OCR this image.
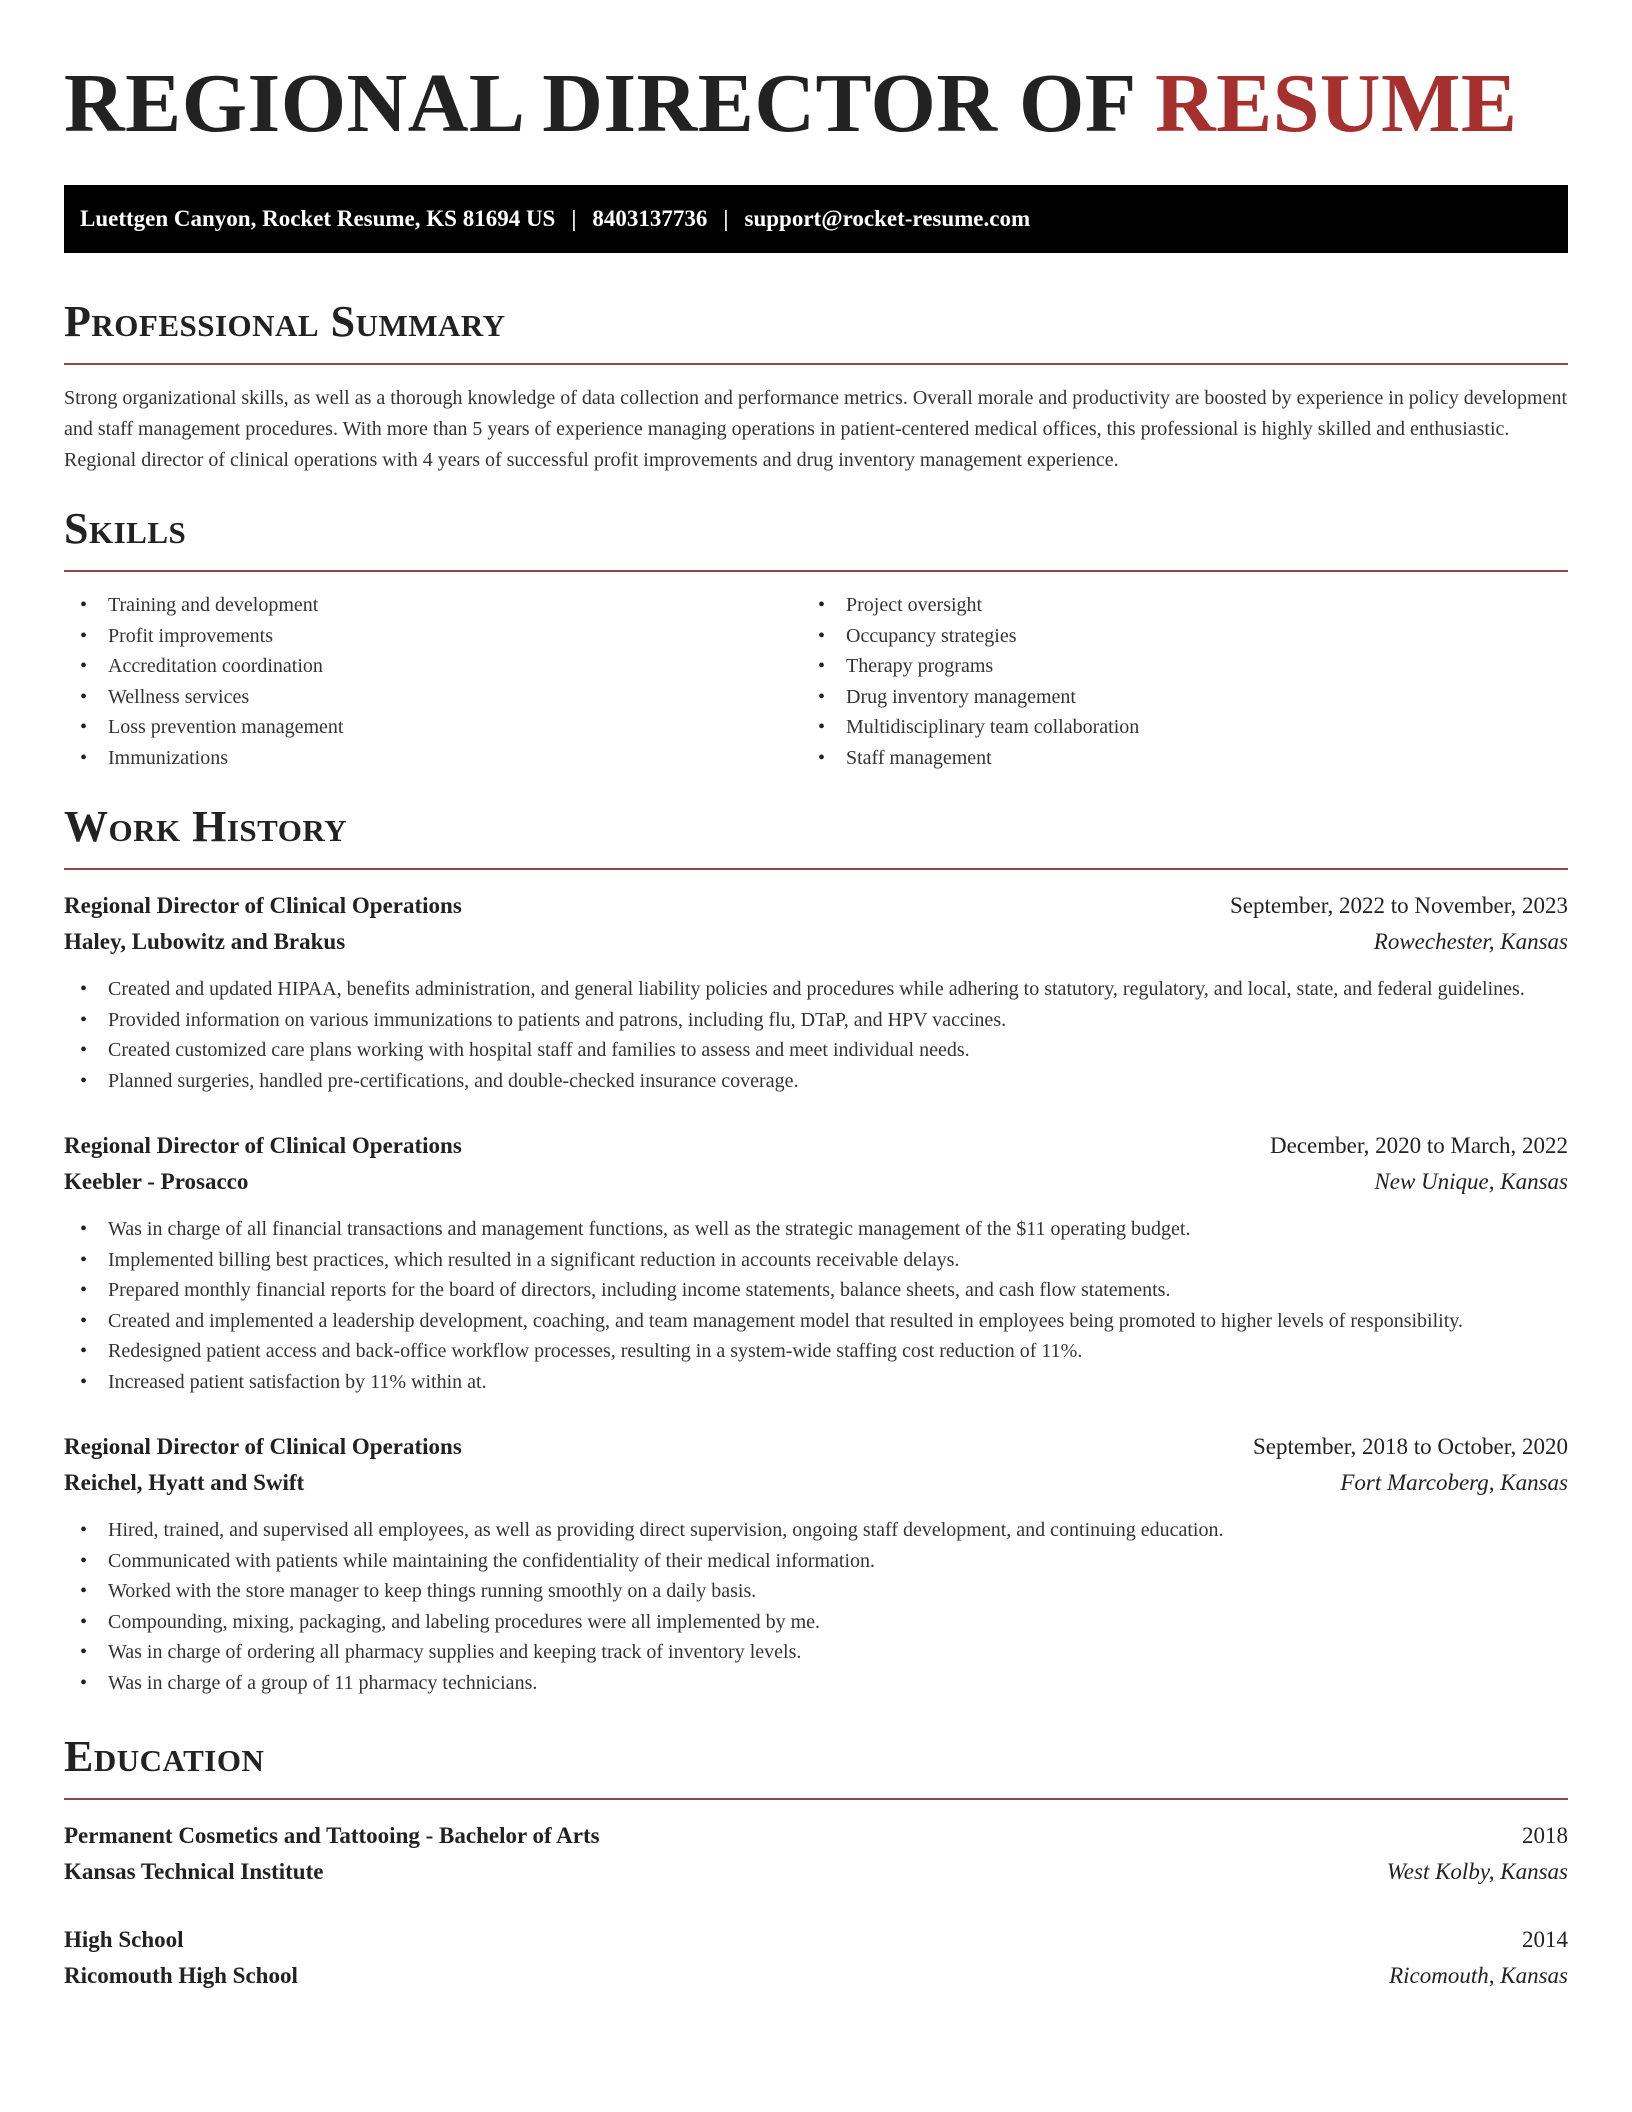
REGIONAL DIRECTOR OF RESUME
Luettgen Canyon, Rocket Resume, KS 81694 US | 8403137736 | support@rocket-resume.com
Professional Summary

Strong organizational skills, as well as a thorough knowledge of data collection and performance metrics. Overall morale and productivity are boosted by experience in policy development and staff management procedures. With more than 5 years of experience managing operations in patient-centered medical offices, this professional is highly skilled and enthusiastic. Regional director of clinical operations with 4 years of successful profit improvements and drug inventory management experience.

Skills
• Training and development
• Profit improvements
• Accreditation coordination
• Wellness services
• Loss prevention management
• Immunizations
• Project oversight
• Occupancy strategies
• Therapy programs
• Drug inventory management
• Multidisciplinary team collaboration
• Staff management
Work History
Regional Director of Clinical Operations	September, 2022 to November, 2023
Haley, Lubowitz and Brakus	Rowechester, Kansas
• Created and updated HIPAA, benefits administration, and general liability policies and procedures while adhering to statutory, regulatory, and local, state, and federal guidelines.
• Provided information on various immunizations to patients and patrons, including flu, DTaP, and HPV vaccines.
• Created customized care plans working with hospital staff and families to assess and meet individual needs.
• Planned surgeries, handled pre-certifications, and double-checked insurance coverage.
Regional Director of Clinical Operations	December, 2020 to March, 2022
Keebler - Prosacco	New Unique, Kansas
• Was in charge of all financial transactions and management functions, as well as the strategic management of the $11 operating budget.
• Implemented billing best practices, which resulted in a significant reduction in accounts receivable delays.
• Prepared monthly financial reports for the board of directors, including income statements, balance sheets, and cash flow statements.
• Created and implemented a leadership development, coaching, and team management model that resulted in employees being promoted to higher levels of responsibility.
• Redesigned patient access and back-office workflow processes, resulting in a system-wide staffing cost reduction of 11%.
• Increased patient satisfaction by 11% within at.
Regional Director of Clinical Operations	September, 2018 to October, 2020
Reichel, Hyatt and Swift	Fort Marcoberg, Kansas
• Hired, trained, and supervised all employees, as well as providing direct supervision, ongoing staff development, and continuing education.
• Communicated with patients while maintaining the confidentiality of their medical information.
• Worked with the store manager to keep things running smoothly on a daily basis.
• Compounding, mixing, packaging, and labeling procedures were all implemented by me.
• Was in charge of ordering all pharmacy supplies and keeping track of inventory levels.
• Was in charge of a group of 11 pharmacy technicians.
Education
Permanent Cosmetics and Tattooing - Bachelor of Arts	2018
Kansas Technical Institute	West Kolby, Kansas
High School	2014
Ricomouth High School	Ricomouth, Kansas
